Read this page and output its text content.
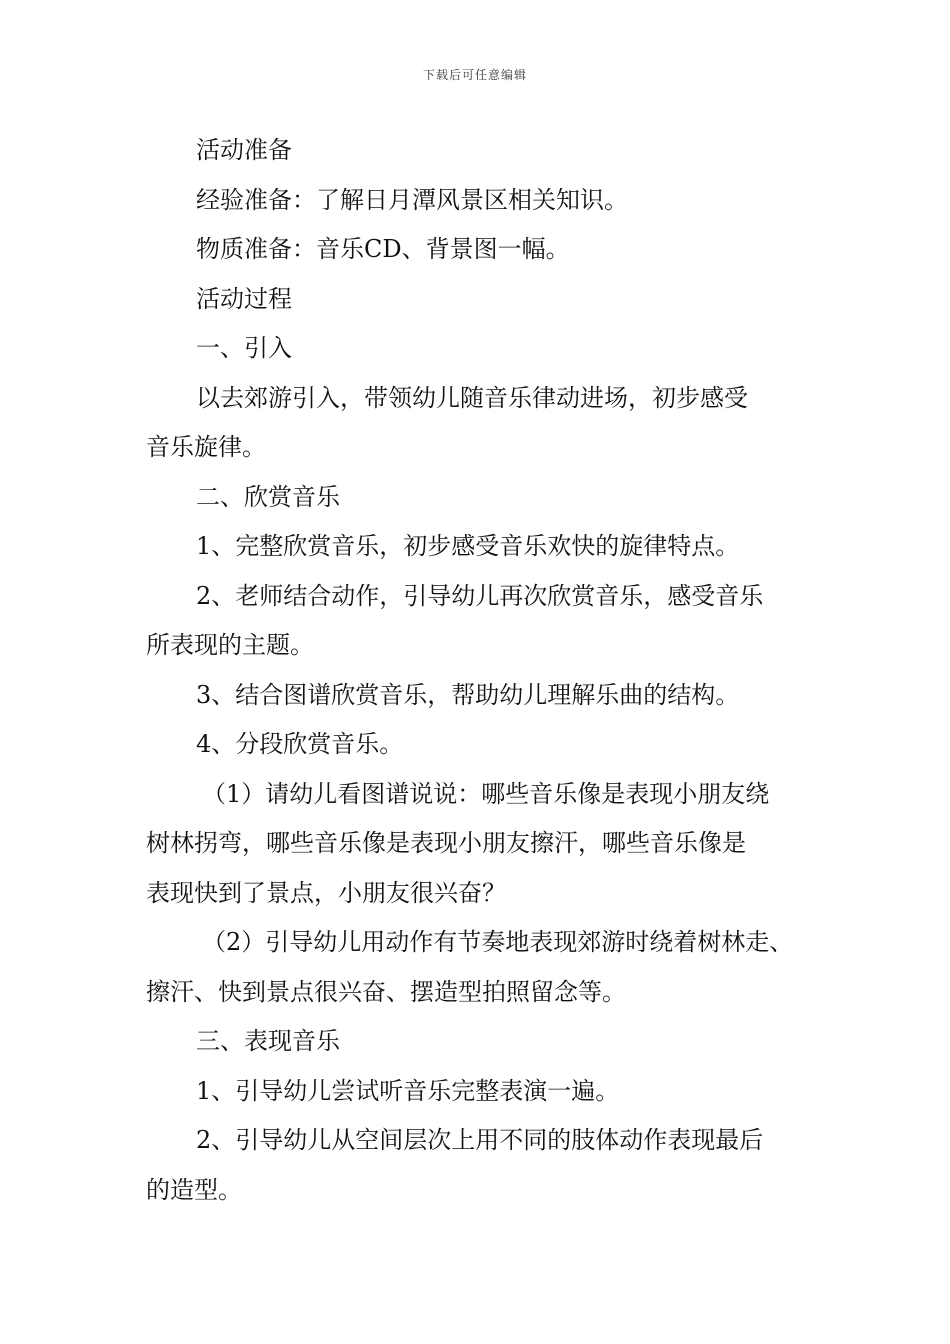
下载后可任意编辑

活动准备

经验准备：了解日月潭风景区相关知识。

物质准备：音乐CD、背景图一幅。

活动过程

一、引入

以去郊游引入，带领幼儿随音乐律动进场，初步感受

音乐旋律。

二、欣赏音乐

1、完整欣赏音乐，初步感受音乐欢快的旋律特点。

2、老师结合动作，引导幼儿再次欣赏音乐，感受音乐

所表现的主题。

3、结合图谱欣赏音乐，帮助幼儿理解乐曲的结构。

4、分段欣赏音乐。

（1）请幼儿看图谱说说：哪些音乐像是表现小朋友绕

树林拐弯，哪些音乐像是表现小朋友擦汗，哪些音乐像是

表现快到了景点，小朋友很兴奋？

（2）引导幼儿用动作有节奏地表现郊游时绕着树林走、

擦汗、快到景点很兴奋、摆造型拍照留念等。

三、表现音乐

1、引导幼儿尝试听音乐完整表演一遍。

2、引导幼儿从空间层次上用不同的肢体动作表现最后

的造型。
